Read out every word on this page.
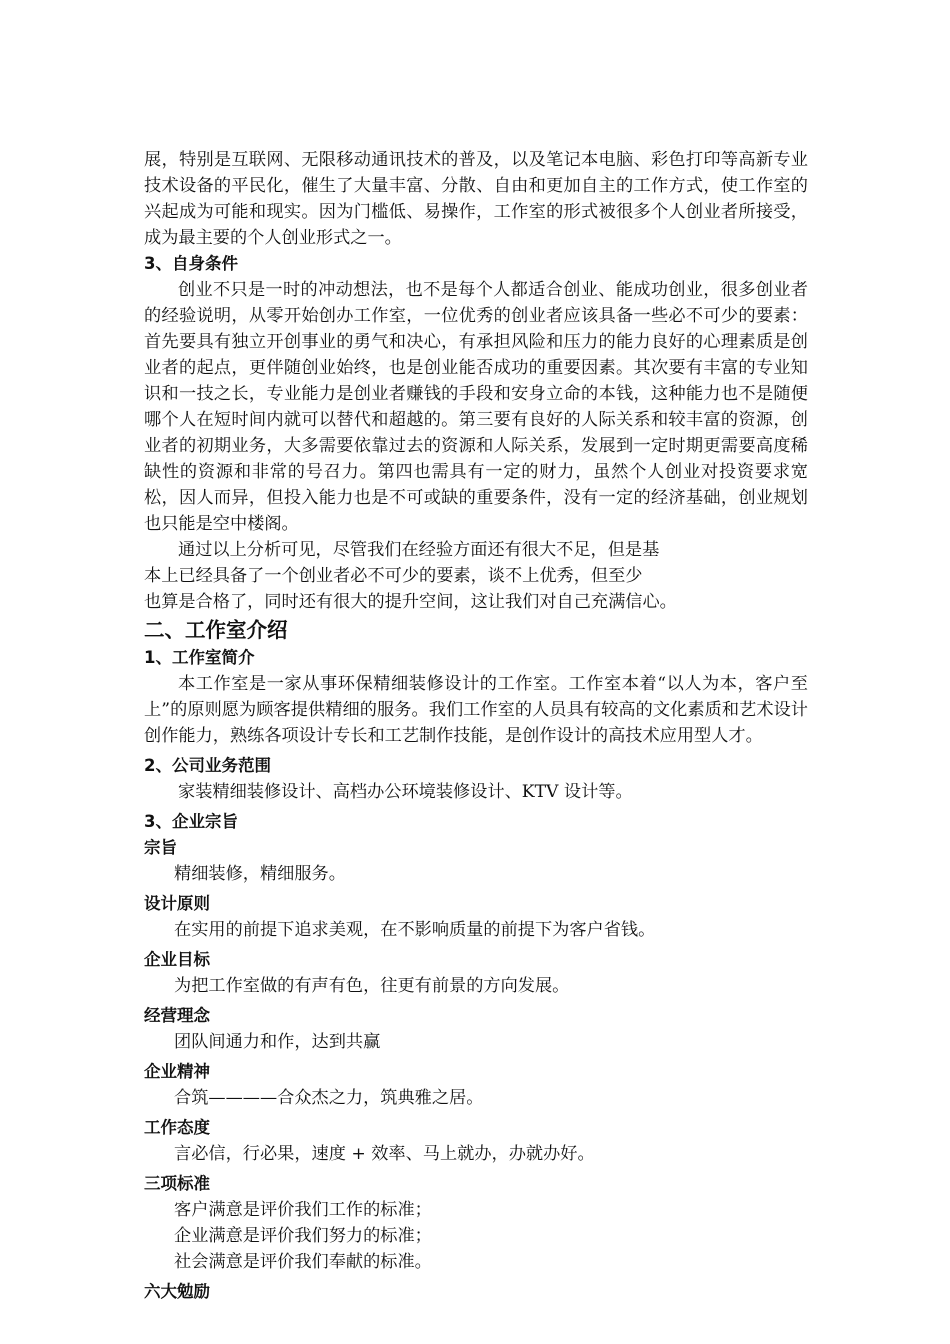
展，特别是互联网、无限移动通讯技术的普及，以及笔记本电脑、彩色打印等高新专业技术设备的平民化，催生了大量丰富、分散、自由和更加自主的工作方式，使工作室的兴起成为可能和现实。因为门槛低、易操作，工作室的形式被很多个人创业者所接受，成为最主要的个人创业形式之一。

3、自身条件

创业不只是一时的冲动想法，也不是每个人都适合创业、能成功创业，很多创业者的经验说明，从零开始创办工作室，一位优秀的创业者应该具备一些必不可少的要素：首先要具有独立开创事业的勇气和决心，有承担风险和压力的能力良好的心理素质是创业者的起点，更伴随创业始终，也是创业能否成功的重要因素。其次要有丰富的专业知识和一技之长，专业能力是创业者赚钱的手段和安身立命的本钱，这种能力也不是随便哪个人在短时间内就可以替代和超越的。第三要有良好的人际关系和较丰富的资源，创业者的初期业务，大多需要依靠过去的资源和人际关系，发展到一定时期更需要高度稀缺性的资源和非常的号召力。第四也需具有一定的财力，虽然个人创业对投资要求宽松，因人而异，但投入能力也是不可或缺的重要条件，没有一定的经济基础，创业规划也只能是空中楼阁。

通过以上分析可见，尽管我们在经验方面还有很大不足，但是基

本上已经具备了一个创业者必不可少的要素，谈不上优秀，但至少

也算是合格了，同时还有很大的提升空间，这让我们对自己充满信心。

二、工作室介绍

1、工作室简介

本工作室是一家从事环保精细装修设计的工作室。工作室本着“以人为本，客户至上”的原则愿为顾客提供精细的服务。我们工作室的人员具有较高的文化素质和艺术设计创作能力，熟练各项设计专长和工艺制作技能，是创作设计的高技术应用型人才。

2、公司业务范围

家装精细装修设计、高档办公环境装修设计、KTV 设计等。

3、企业宗旨

宗旨

精细装修，精细服务。

设计原则

在实用的前提下追求美观，在不影响质量的前提下为客户省钱。

企业目标

为把工作室做的有声有色，往更有前景的方向发展。

经营理念

团队间通力和作，达到共赢

企业精神

合筑————合众杰之力，筑典雅之居。

工作态度

言必信，行必果，速度 + 效率、马上就办，办就办好。

三项标准

客户满意是评价我们工作的标准；

企业满意是评价我们努力的标准；

社会满意是评价我们奉献的标准。

六大勉励
